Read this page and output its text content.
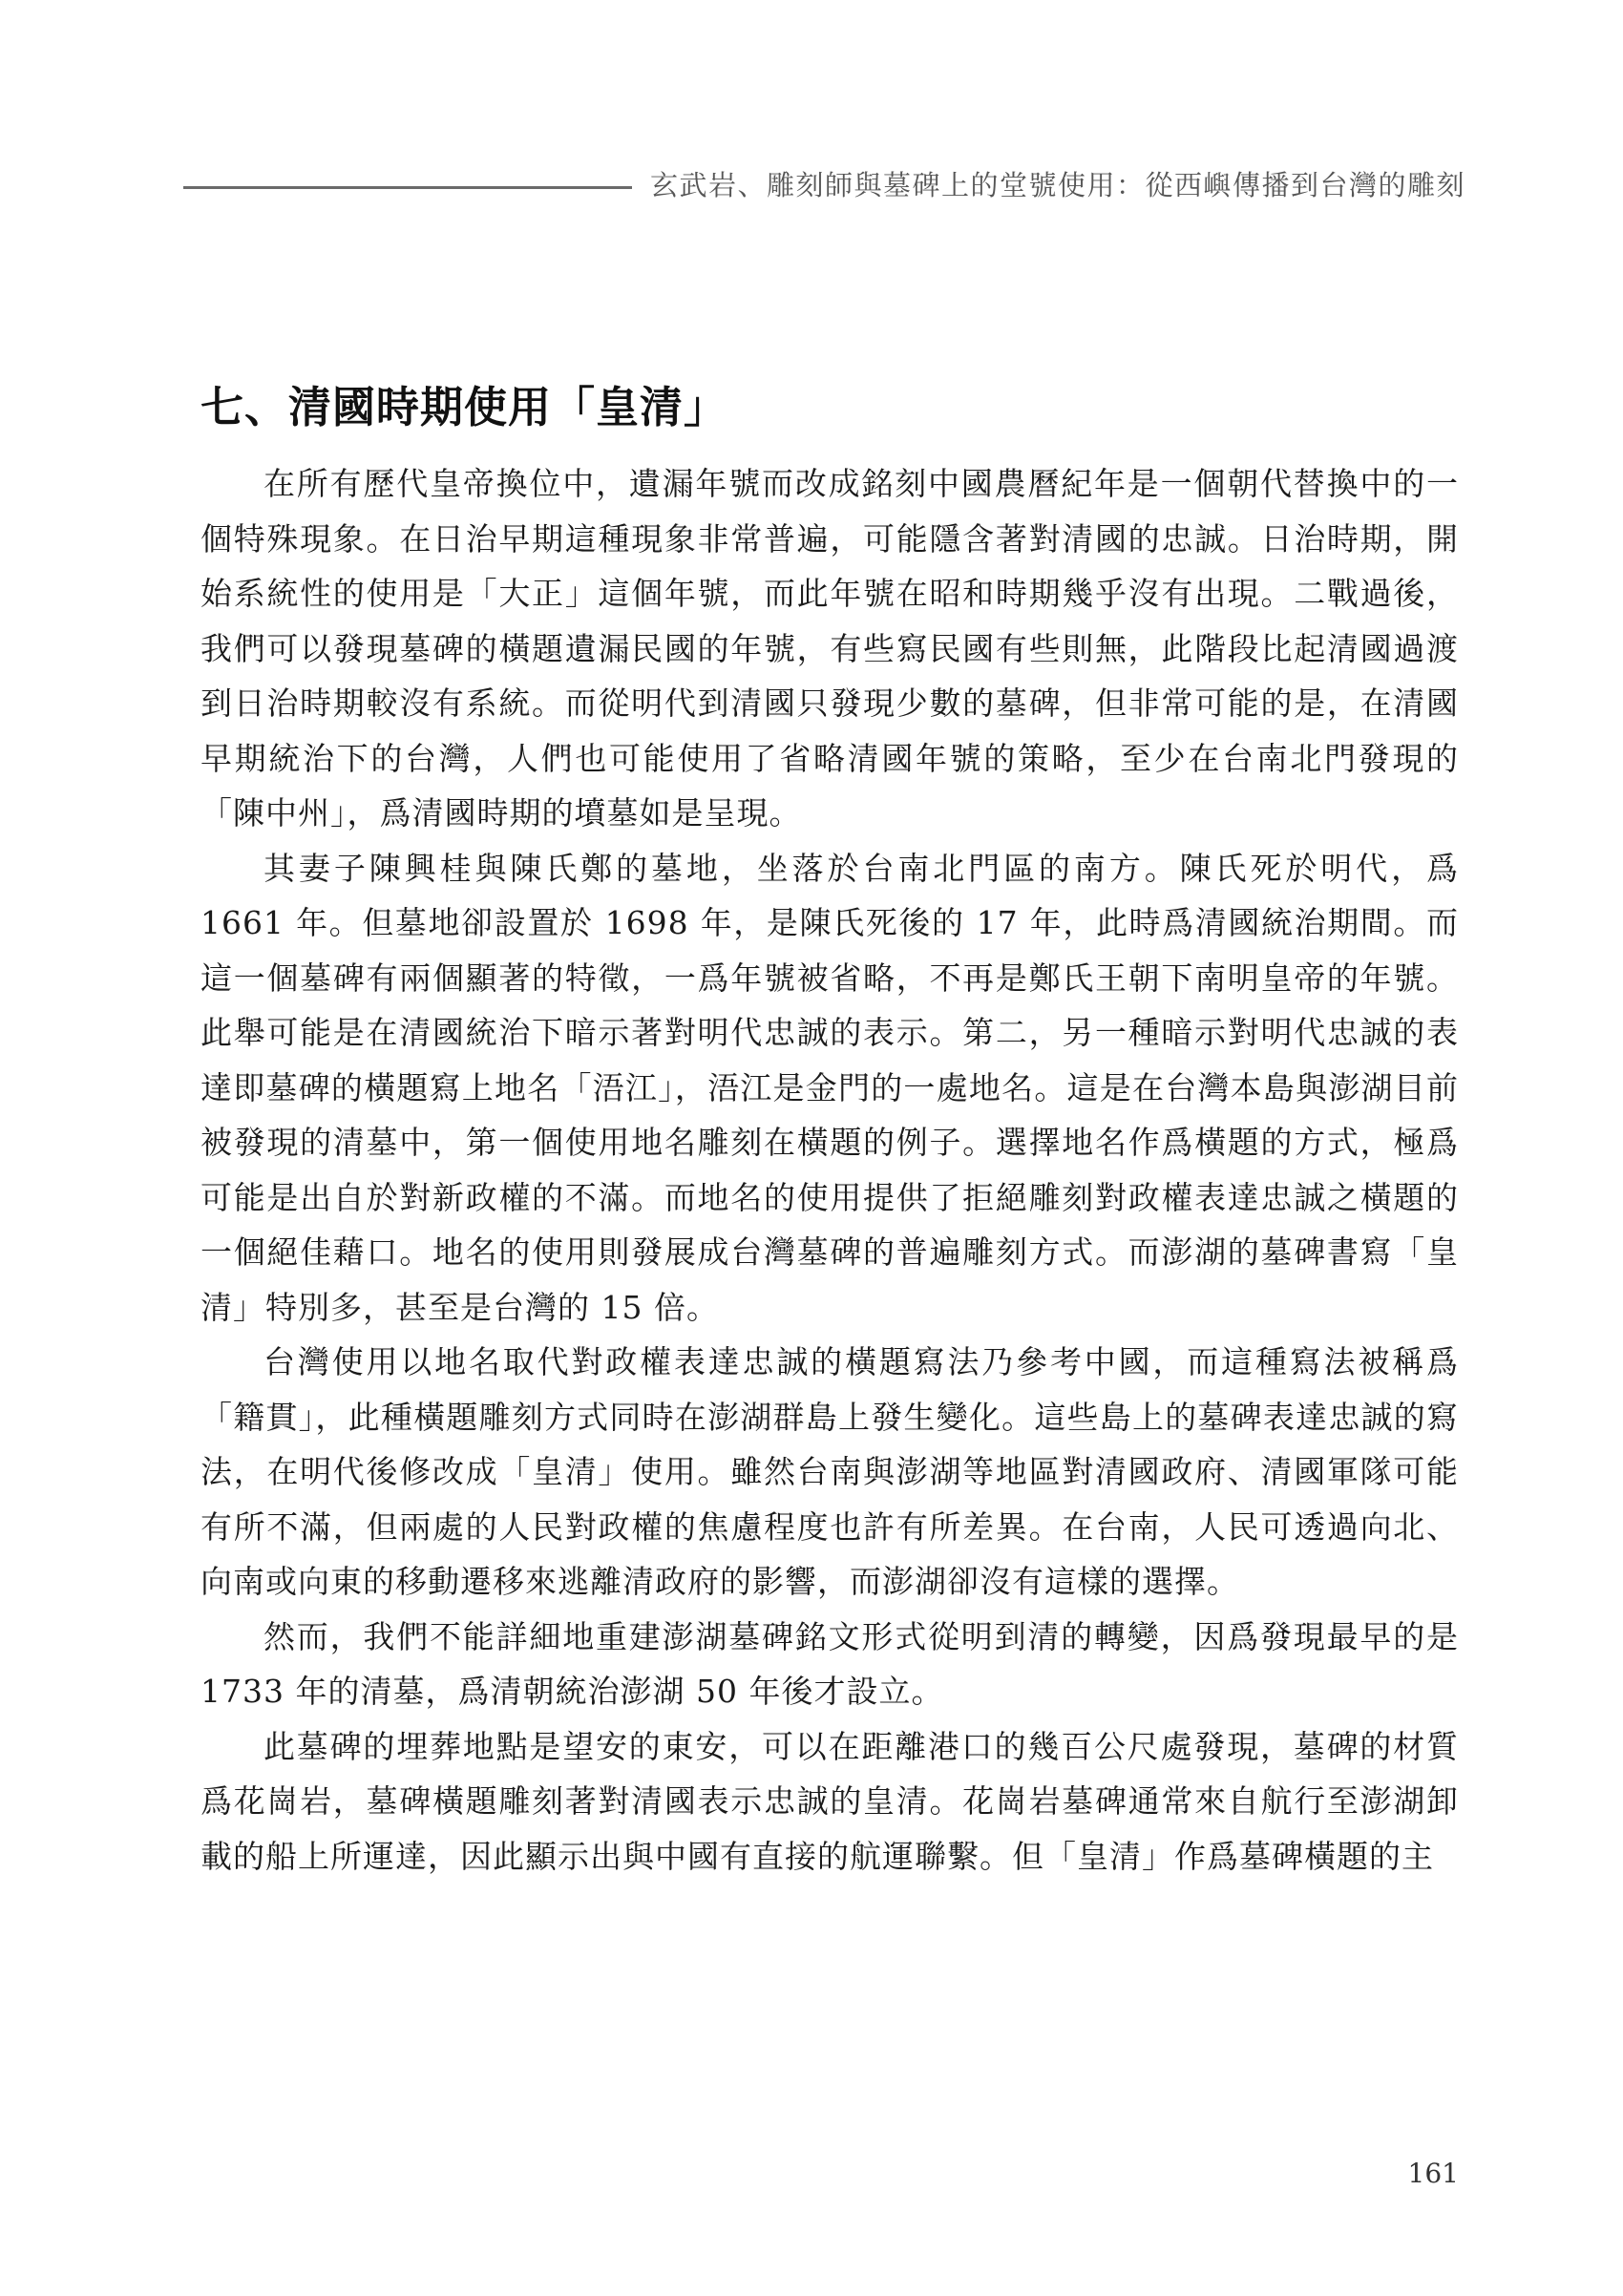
玄武岩、雕刻師與墓碑上的堂號使用：從西嶼傳播到台灣的雕刻
七、清國時期使用「皇清」

在所有歷代皇帝換位中，遺漏年號而改成銘刻中國農曆紀年是一個朝代替換中的一個特殊現象。在日治早期這種現象非常普遍，可能隱含著對清國的忠誠。日治時期，開始系統性的使用是「大正」這個年號，而此年號在昭和時期幾乎沒有出現。二戰過後，我們可以發現墓碑的橫題遺漏民國的年號，有些寫民國有些則無，此階段比起清國過渡到日治時期較沒有系統。而從明代到清國只發現少數的墓碑，但非常可能的是，在清國早期統治下的台灣，人們也可能使用了省略清國年號的策略，至少在台南北門發現的「陳中州」，爲清國時期的墳墓如是呈現。

其妻子陳興桂與陳氏鄭的墓地，坐落於台南北門區的南方。陳氏死於明代，爲 1661 年。但墓地卻設置於 1698 年，是陳氏死後的 17 年，此時爲清國統治期間。而這一個墓碑有兩個顯著的特徵，一爲年號被省略，不再是鄭氏王朝下南明皇帝的年號。此舉可能是在清國統治下暗示著對明代忠誠的表示。第二，另一種暗示對明代忠誠的表達即墓碑的橫題寫上地名「浯江」，浯江是金門的一處地名。這是在台灣本島與澎湖目前被發現的清墓中，第一個使用地名雕刻在橫題的例子。選擇地名作爲橫題的方式，極爲可能是出自於對新政權的不滿。而地名的使用提供了拒絕雕刻對政權表達忠誠之橫題的一個絕佳藉口。地名的使用則發展成台灣墓碑的普遍雕刻方式。而澎湖的墓碑書寫「皇清」特別多，甚至是台灣的 15 倍。

台灣使用以地名取代對政權表達忠誠的橫題寫法乃參考中國，而這種寫法被稱爲「籍貫」，此種橫題雕刻方式同時在澎湖群島上發生變化。這些島上的墓碑表達忠誠的寫法，在明代後修改成「皇清」使用。雖然台南與澎湖等地區對清國政府、清國軍隊可能有所不滿，但兩處的人民對政權的焦慮程度也許有所差異。在台南，人民可透過向北、向南或向東的移動遷移來逃離清政府的影響，而澎湖卻沒有這樣的選擇。

然而，我們不能詳細地重建澎湖墓碑銘文形式從明到清的轉變，因爲發現最早的是 1733 年的清墓，爲清朝統治澎湖 50 年後才設立。

此墓碑的埋葬地點是望安的東安，可以在距離港口的幾百公尺處發現，墓碑的材質爲花崗岩，墓碑橫題雕刻著對清國表示忠誠的皇清。花崗岩墓碑通常來自航行至澎湖卸載的船上所運達，因此顯示出與中國有直接的航運聯繫。但「皇清」作爲墓碑橫題的主

161
